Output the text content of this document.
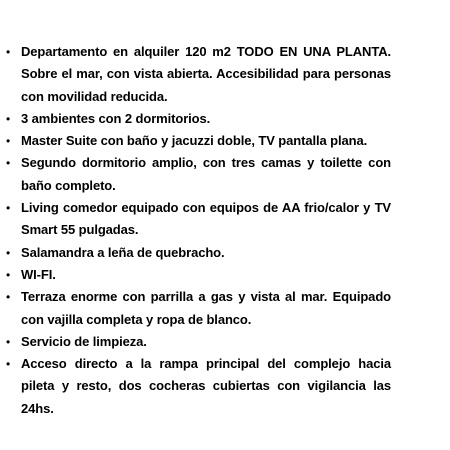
• Departamento en alquiler 120 m2 TODO EN UNA PLANTA. Sobre el mar, con vista abierta. Accesibilidad para personas con movilidad reducida.
• 3 ambientes con 2 dormitorios.
• Master Suite con baño y jacuzzi doble, TV pantalla plana.
• Segundo dormitorio amplio, con tres camas y toilette con baño completo.
• Living comedor equipado con equipos de AA frio/calor y TV Smart 55 pulgadas.
• Salamandra a leña de quebracho.
• WI-FI.
• Terraza enorme con parrilla a gas y vista al mar. Equipado con vajilla completa y ropa de blanco.
• Servicio de limpieza.
• Acceso directo a la rampa principal del complejo hacia pileta y resto, dos cocheras cubiertas con vigilancia las 24hs.
